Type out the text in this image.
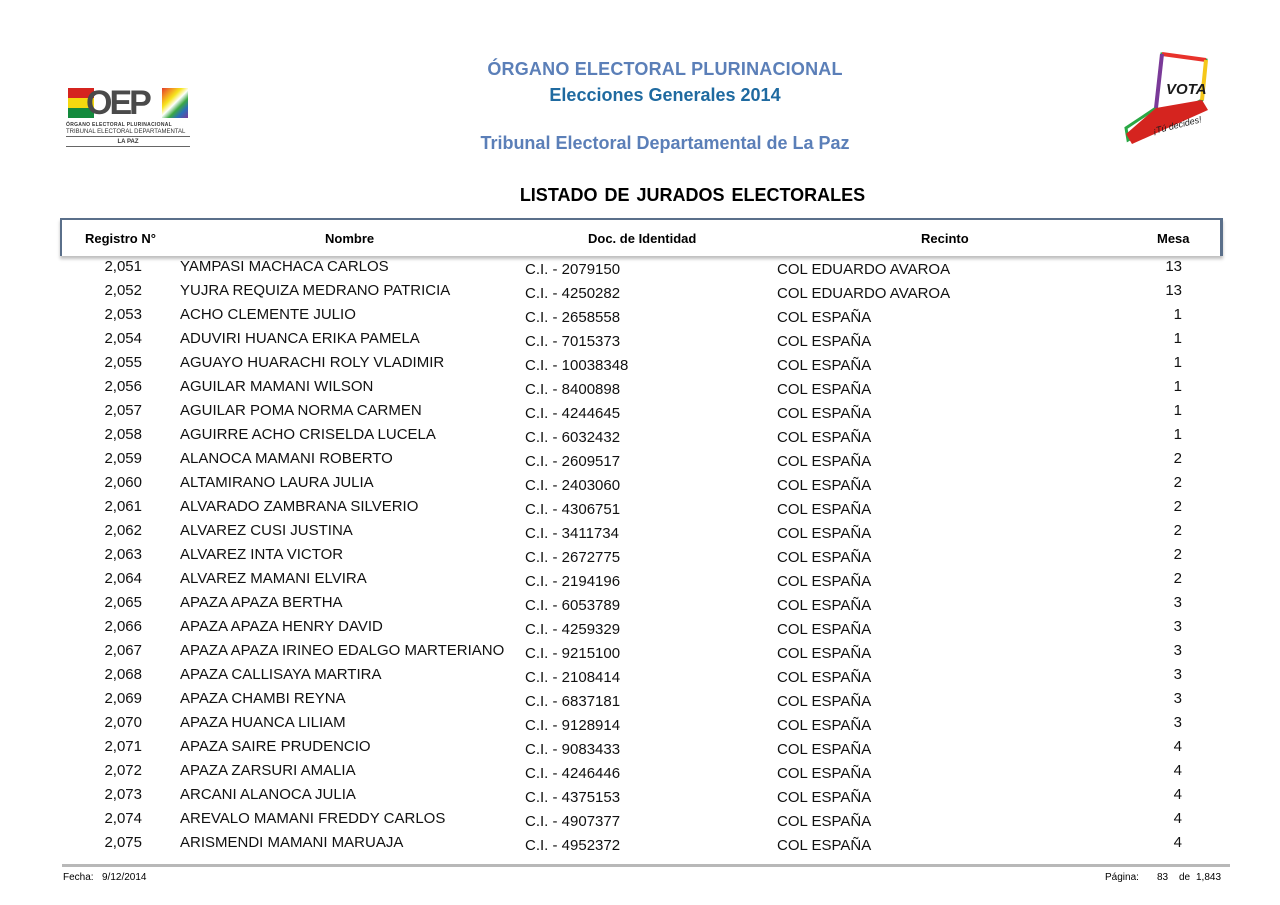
OEP
ÓRGANO ELECTORAL PLURINACIONAL
TRIBUNAL ELECTORAL DEPARTAMENTAL
LA PAZ
VOTA
¡Tú decides!
ÓRGANO ELECTORAL PLURINACIONAL
Elecciones Generales 2014
Tribunal Electoral Departamental de La Paz
LISTADO DE JURADOS ELECTORALES
Registro N°	Nombre	Doc. de Identidad	Recinto	Mesa
2,051	YAMPASI MACHACA CARLOS	C.I. - 2079150	COL EDUARDO AVAROA	13
2,052	YUJRA REQUIZA MEDRANO PATRICIA	C.I. - 4250282	COL EDUARDO AVAROA	13
2,053	ACHO CLEMENTE JULIO	C.I. - 2658558	COL ESPAÑA	1
2,054	ADUVIRI HUANCA ERIKA PAMELA	C.I. - 7015373	COL ESPAÑA	1
2,055	AGUAYO HUARACHI ROLY VLADIMIR	C.I. - 10038348	COL ESPAÑA	1
2,056	AGUILAR MAMANI WILSON	C.I. - 8400898	COL ESPAÑA	1
2,057	AGUILAR POMA NORMA CARMEN	C.I. - 4244645	COL ESPAÑA	1
2,058	AGUIRRE ACHO CRISELDA LUCELA	C.I. - 6032432	COL ESPAÑA	1
2,059	ALANOCA MAMANI ROBERTO	C.I. - 2609517	COL ESPAÑA	2
2,060	ALTAMIRANO LAURA JULIA	C.I. - 2403060	COL ESPAÑA	2
2,061	ALVARADO ZAMBRANA SILVERIO	C.I. - 4306751	COL ESPAÑA	2
2,062	ALVAREZ CUSI JUSTINA	C.I. - 3411734	COL ESPAÑA	2
2,063	ALVAREZ INTA VICTOR	C.I. - 2672775	COL ESPAÑA	2
2,064	ALVAREZ MAMANI ELVIRA	C.I. - 2194196	COL ESPAÑA	2
2,065	APAZA APAZA BERTHA	C.I. - 6053789	COL ESPAÑA	3
2,066	APAZA APAZA HENRY DAVID	C.I. - 4259329	COL ESPAÑA	3
2,067	APAZA APAZA IRINEO EDALGO MARTERIANO	C.I. - 9215100	COL ESPAÑA	3
2,068	APAZA CALLISAYA MARTIRA	C.I. - 2108414	COL ESPAÑA	3
2,069	APAZA CHAMBI REYNA	C.I. - 6837181	COL ESPAÑA	3
2,070	APAZA HUANCA LILIAM	C.I. - 9128914	COL ESPAÑA	3
2,071	APAZA SAIRE PRUDENCIO	C.I. - 9083433	COL ESPAÑA	4
2,072	APAZA ZARSURI AMALIA	C.I. - 4246446	COL ESPAÑA	4
2,073	ARCANI ALANOCA JULIA	C.I. - 4375153	COL ESPAÑA	4
2,074	AREVALO MAMANI FREDDY CARLOS	C.I. - 4907377	COL ESPAÑA	4
2,075	ARISMENDI MAMANI MARUAJA	C.I. - 4952372	COL ESPAÑA	4
Fecha: 9/12/2014	Página: 83 de 1,843
